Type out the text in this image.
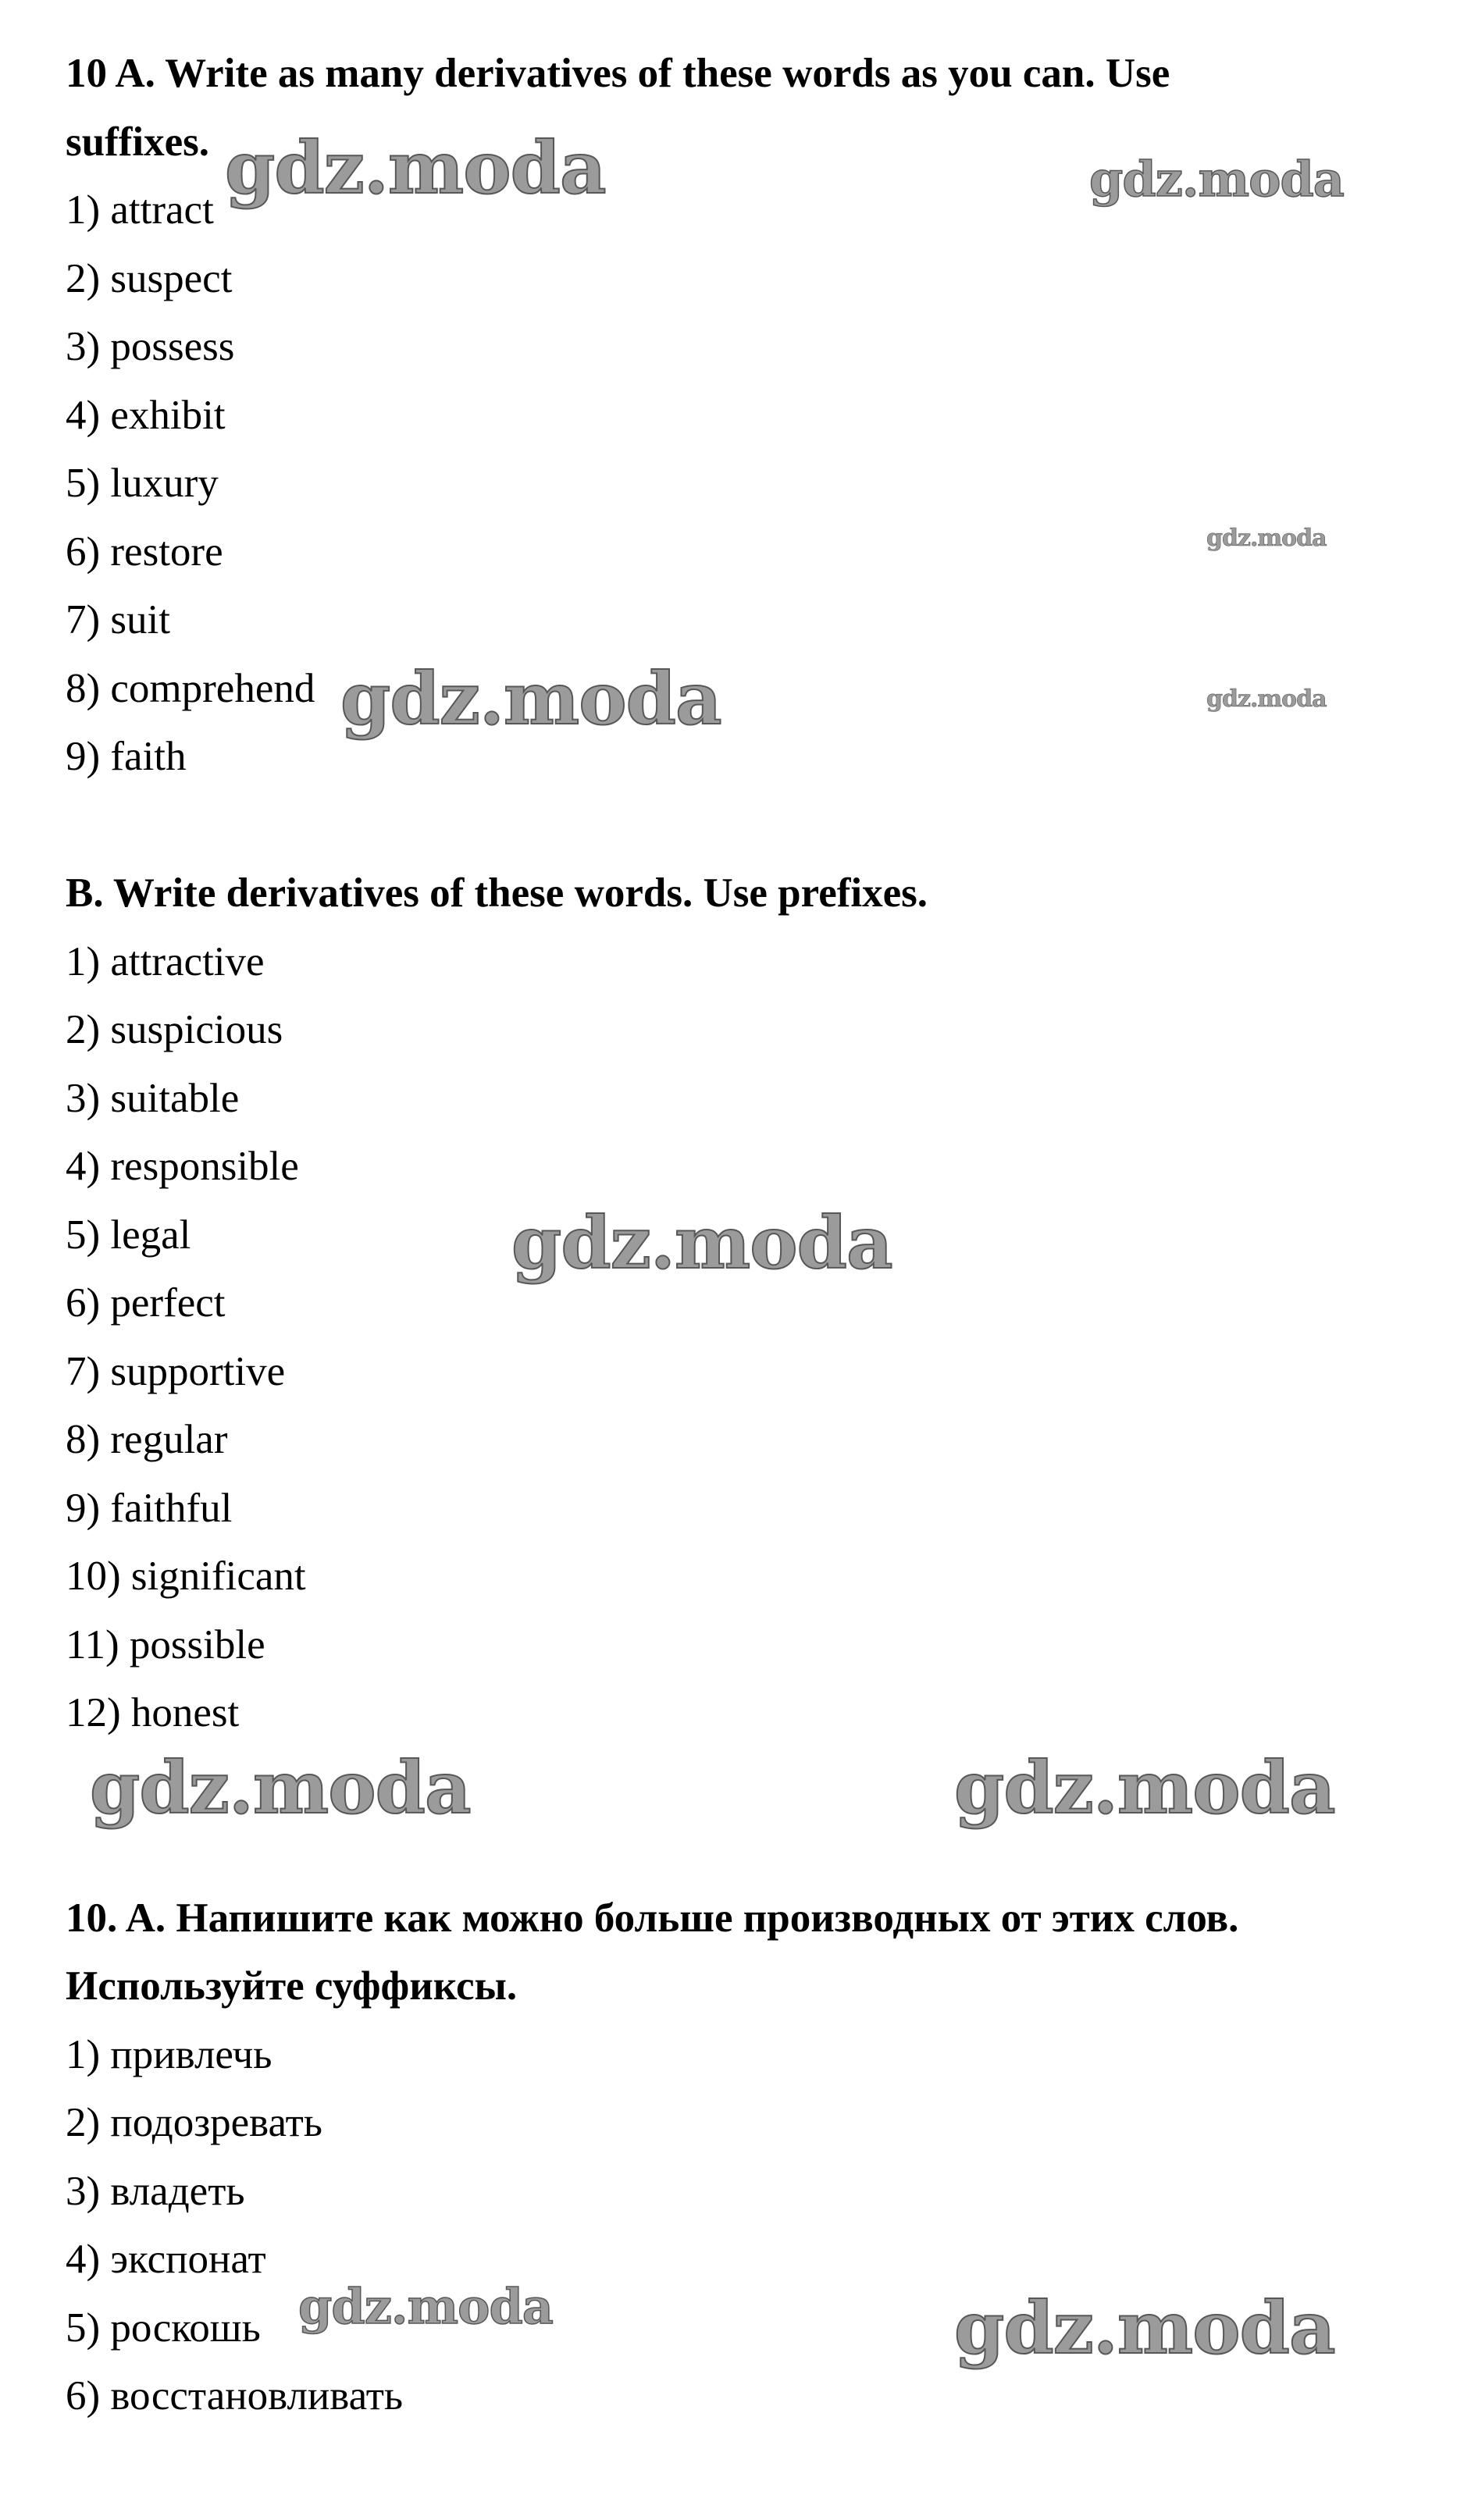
10 A. Write as many derivatives of these words as you can. Use
suffixes.
1) attract
2) suspect
3) possess
4) exhibit
5) luxury
6) restore
7) suit
8) comprehend
9) faith
B. Write derivatives of these words. Use prefixes.
1) attractive
2) suspicious
3) suitable
4) responsible
5) legal
6) perfect
7) supportive
8) regular
9) faithful
10) significant
11) possible
12) honest
10. A. Напишите как можно больше производных от этих слов.
Используйте суффиксы.
1) привлечь
2) подозревать
3) владеть
4) экспонат
5) роскошь
6) восстановливать
gdz.moda	gdz.moda
gdz.moda
gdz.moda	gdz.moda
gdz.moda
gdz.moda	gdz.moda
gdz.moda	gdz.moda
